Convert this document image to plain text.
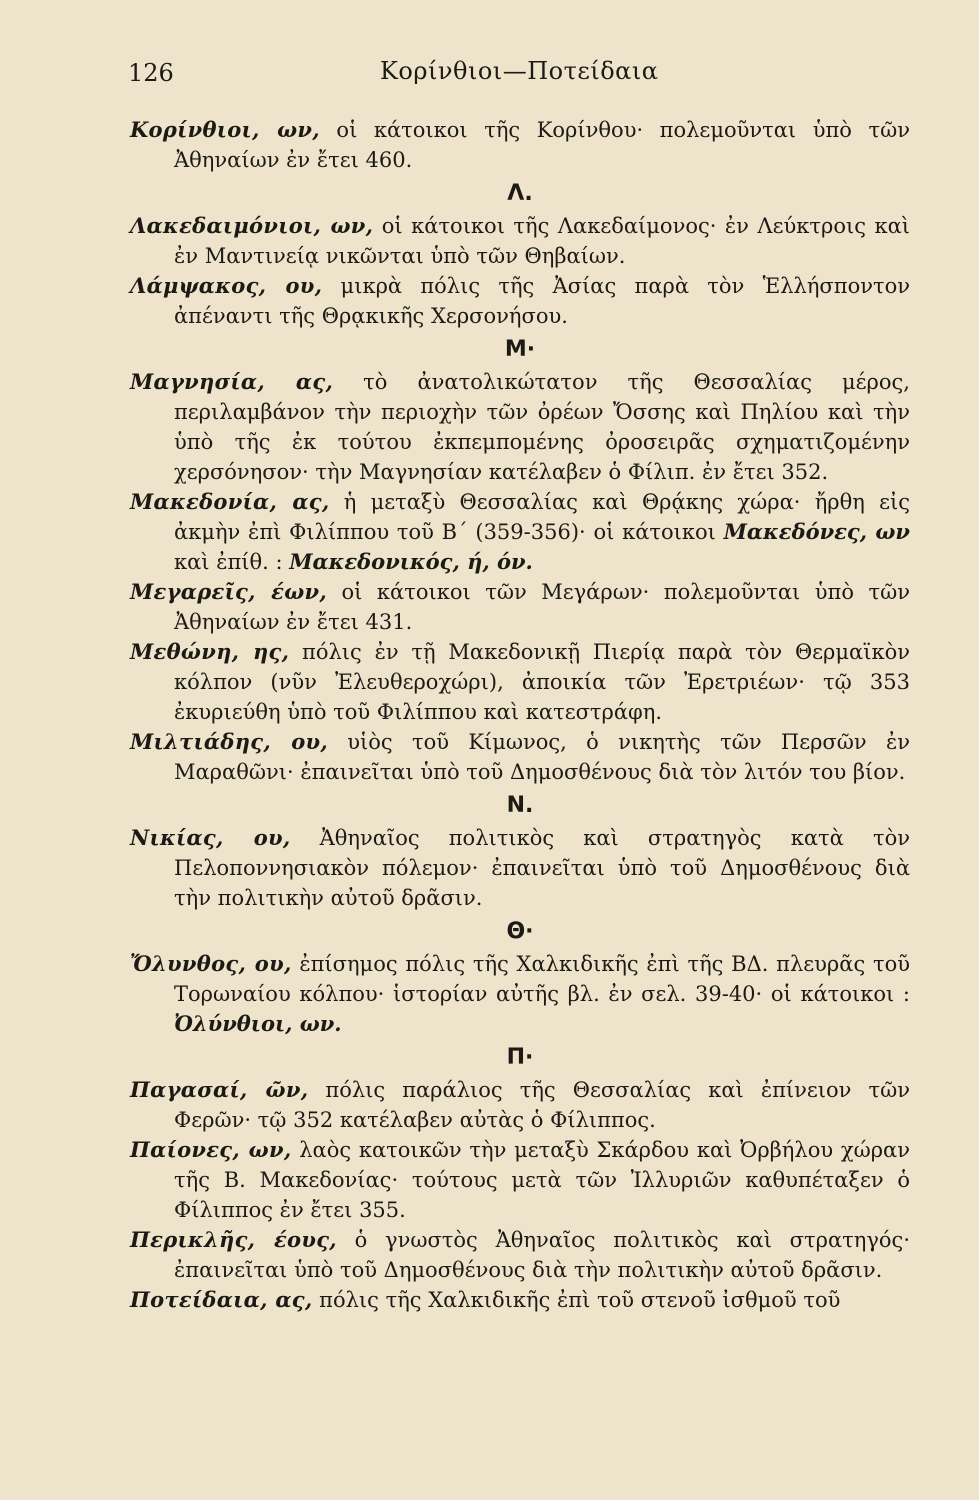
126	Κορίνθιοι—Ποτείδαια

Κορίνθιοι, ων, οἱ κάτοικοι τῆς Κορίνθου· πολεμοῦνται ὑπὸ τῶν Ἀθηναίων ἐν ἔτει 460.

Λ.

Λακεδαιμόνιοι, ων, οἱ κάτοικοι τῆς Λακεδαίμονος· ἐν Λεύκτροις καὶ ἐν Μαντινείᾳ νικῶνται ὑπὸ τῶν Θηβαίων.

Λάμψακος, ου, μικρὰ πόλις τῆς Ἀσίας παρὰ τὸν Ἑλλήσποντον ἀπέναντι τῆς Θρᾳκικῆς Χερσονήσου.

Μ·

Μαγνησία, ας, τὸ ἀνατολικώτατον τῆς Θεσσαλίας μέρος, περιλαμβάνον τὴν περιοχὴν τῶν ὀρέων Ὄσσης καὶ Πηλίου καὶ τὴν ὑπὸ τῆς ἐκ τούτου ἐκπεμπομένης ὀροσειρᾶς σχηματιζομένην χερσόνησον· τὴν Μαγνησίαν κατέλαβεν ὁ Φίλιπ. ἐν ἔτει 352.

Μακεδονία, ας, ἡ μεταξὺ Θεσσαλίας καὶ Θρᾴκης χώρα· ἤρθη εἰς ἀκμὴν ἐπὶ Φιλίππου τοῦ Β΄ (359-356)· οἱ κάτοικοι Μακεδόνες, ων καὶ ἐπίθ. : Μακεδονικός, ή, όν.

Μεγαρεῖς, έων, οἱ κάτοικοι τῶν Μεγάρων· πολεμοῦνται ὑπὸ τῶν Ἀθηναίων ἐν ἔτει 431.

Μεθώνη, ης, πόλις ἐν τῇ Μακεδονικῇ Πιερίᾳ παρὰ τὸν Θερμαϊκὸν κόλπον (νῦν Ἐλευθεροχώρι), ἀποικία τῶν Ἐρετριέων· τῷ 353 ἐκυριεύθη ὑπὸ τοῦ Φιλίππου καὶ κατεστράφη.

Μιλτιάδης, ου, υἱὸς τοῦ Κίμωνος, ὁ νικητὴς τῶν Περσῶν ἐν Μαραθῶνι· ἐπαινεῖται ὑπὸ τοῦ Δημοσθένους διὰ τὸν λιτόν του βίον.

Ν.

Νικίας, ου, Ἀθηναῖος πολιτικὸς καὶ στρατηγὸς κατὰ τὸν Πελοποννησιακὸν πόλεμον· ἐπαινεῖται ὑπὸ τοῦ Δημοσθένους διὰ τὴν πολιτικὴν αὐτοῦ δρᾶσιν.

Θ·

Ὄλυνθος, ου, ἐπίσημος πόλις τῆς Χαλκιδικῆς ἐπὶ τῆς ΒΔ. πλευρᾶς τοῦ Τορωναίου κόλπου· ἱστορίαν αὐτῆς βλ. ἐν σελ. 39-40· οἱ κάτοικοι : Ὀλύνθιοι, ων.

Π·

Παγασαί, ῶν, πόλις παράλιος τῆς Θεσσαλίας καὶ ἐπίνειον τῶν Φερῶν· τῷ 352 κατέλαβεν αὐτὰς ὁ Φίλιππος.

Παίονες, ων, λαὸς κατοικῶν τὴν μεταξὺ Σκάρδου καὶ Ὀρβήλου χώραν τῆς Β. Μακεδονίας· τούτους μετὰ τῶν Ἰλλυριῶν καθυπέταξεν ὁ Φίλιππος ἐν ἔτει 355.

Περικλῆς, έους, ὁ γνωστὸς Ἀθηναῖος πολιτικὸς καὶ στρατηγός· ἐπαινεῖται ὑπὸ τοῦ Δημοσθένους διὰ τὴν πολιτικὴν αὐτοῦ δρᾶσιν.

Ποτείδαια, ας, πόλις τῆς Χαλκιδικῆς ἐπὶ τοῦ στενοῦ ἰσθμοῦ τοῦ
